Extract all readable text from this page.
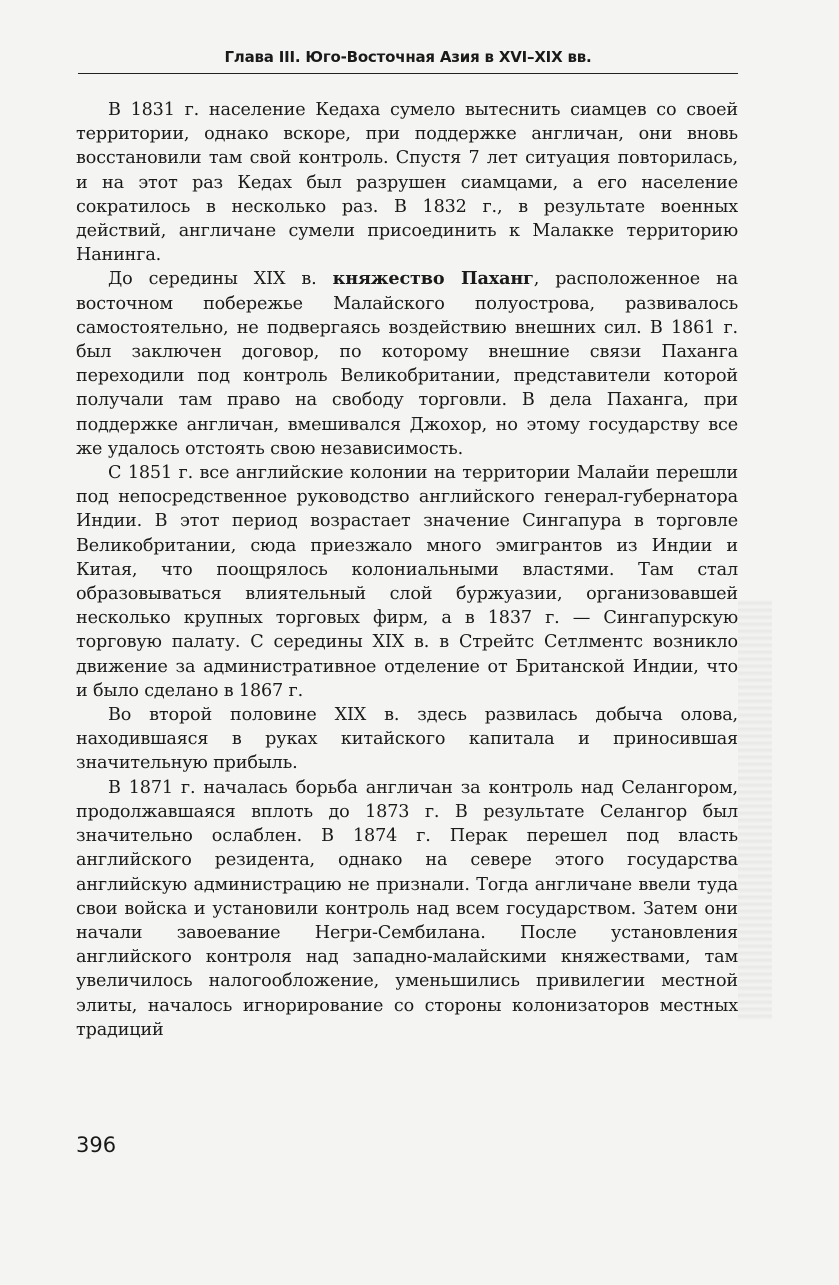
Глава III. Юго-Восточная Азия в XVI–XIX вв.

В 1831 г. население Кедаха сумело вытеснить сиамцев со своей территории, однако вскоре, при поддержке англичан, они вновь восстановили там свой контроль. Спустя 7 лет ситуация повторилась, и на этот раз Кедах был разрушен сиамцами, а его население сократилось в несколько раз. В 1832 г., в результате военных действий, англичане сумели присоединить к Малакке территорию Нанинга.

До середины XIX в. княжество Паханг, расположенное на восточном побережье Малайского полуострова, развивалось самостоятельно, не подвергаясь воздействию внешних сил. В 1861 г. был заключен договор, по которому внешние связи Паханга переходили под контроль Великобритании, представители которой получали там право на свободу торговли. В дела Паханга, при поддержке англичан, вмешивался Джохор, но этому государству все же удалось отстоять свою независимость.

С 1851 г. все английские колонии на территории Малайи перешли под непосредственное руководство английского генерал-губернатора Индии. В этот период возрастает значение Сингапура в торговле Великобритании, сюда приезжало много эмигрантов из Индии и Китая, что поощрялось колониальными властями. Там стал образовываться влиятельный слой буржуазии, организовавшей несколько крупных торговых фирм, а в 1837 г. — Сингапурскую торговую палату. С середины XIX в. в Стрейтс Сетлментс возникло движение за административное отделение от Британской Индии, что и было сделано в 1867 г.

Во второй половине XIX в. здесь развилась добыча олова, находившаяся в руках китайского капитала и приносившая значительную прибыль.

В 1871 г. началась борьба англичан за контроль над Селангором, продолжавшаяся вплоть до 1873 г. В результате Селангор был значительно ослаблен. В 1874 г. Перак перешел под власть английского резидента, однако на севере этого государства английскую администрацию не признали. Тогда англичане ввели туда свои войска и установили контроль над всем государством. Затем они начали завоевание Негри-Сембилана. После установления английского контроля над западно-малайскими княжествами, там увеличилось налогообложение, уменьшились привилегии местной элиты, началось игнорирование со стороны колонизаторов местных традиций

396
